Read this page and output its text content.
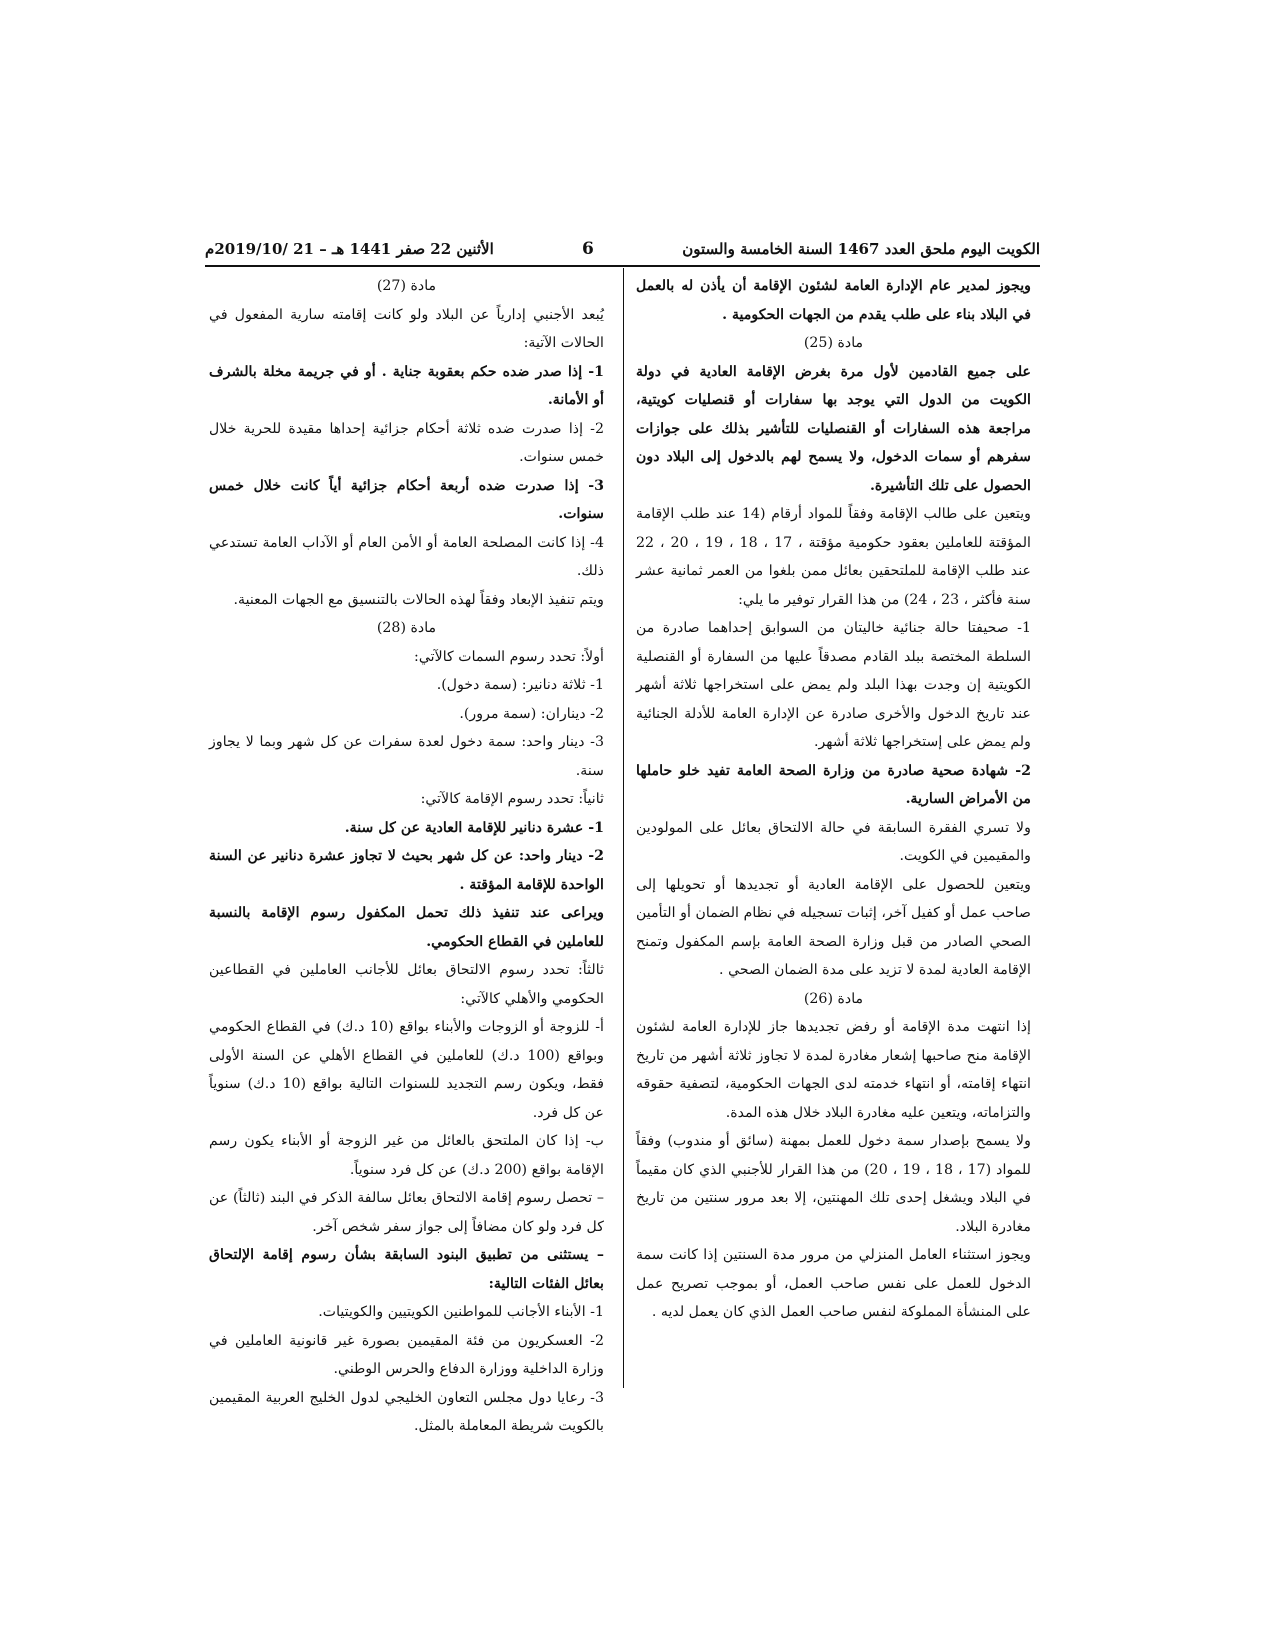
الكويت اليوم ملحق العدد 1467 السنة الخامسة والستون
6
الأثنين 22 صفر 1441 هـ – 21 /2019/10م

ويجوز لمدير عام الإدارة العامة لشئون الإقامة أن يأذن له بالعمل في البلاد بناء على طلب يقدم من الجهات الحكومية .

مادة (25)

على جميع القادمين لأول مرة بغرض الإقامة العادية في دولة الكويت من الدول التي يوجد بها سفارات أو قنصليات كويتية، مراجعة هذه السفارات أو القنصليات للتأشير بذلك على جوازات سفرهم أو سمات الدخول، ولا يسمح لهم بالدخول إلى البلاد دون الحصول على تلك التأشيرة.

ويتعين على طالب الإقامة وفقاً للمواد أرقام (14 عند طلب الإقامة المؤقتة للعاملين بعقود حكومية مؤقتة ، 17 ، 18 ، 19 ، 20 ، 22 عند طلب الإقامة للملتحقين بعائل ممن بلغوا من العمر ثمانية عشر سنة فأكثر ، 23 ، 24) من هذا القرار توفير ما يلي:

1- صحيفتا حالة جنائية خاليتان من السوابق إحداهما صادرة من السلطة المختصة ببلد القادم مصدقاً عليها من السفارة أو القنصلية الكويتية إن وجدت بهذا البلد ولم يمض على استخراجها ثلاثة أشهر عند تاريخ الدخول والأخرى صادرة عن الإدارة العامة للأدلة الجنائية ولم يمض على إستخراجها ثلاثة أشهر.

2- شهادة صحية صادرة من وزارة الصحة العامة تفيد خلو حاملها من الأمراض السارية.

ولا تسري الفقرة السابقة في حالة الالتحاق بعائل على المولودين والمقيمين في الكويت.

ويتعين للحصول على الإقامة العادية أو تجديدها أو تحويلها إلى صاحب عمل أو كفيل آخر، إثبات تسجيله في نظام الضمان أو التأمين الصحي الصادر من قبل وزارة الصحة العامة بإسم المكفول وتمنح الإقامة العادية لمدة لا تزيد على مدة الضمان الصحي .

مادة (26)

إذا انتهت مدة الإقامة أو رفض تجديدها جاز للإدارة العامة لشئون الإقامة منح صاحبها إشعار مغادرة لمدة لا تجاوز ثلاثة أشهر من تاريخ انتهاء إقامته، أو انتهاء خدمته لدى الجهات الحكومية، لتصفية حقوقه والتزاماته، ويتعين عليه مغادرة البلاد خلال هذه المدة.

ولا يسمح بإصدار سمة دخول للعمل بمهنة (سائق أو مندوب) وفقاً للمواد (17 ، 18 ، 19 ، 20) من هذا القرار للأجنبي الذي كان مقيماً في البلاد ويشغل إحدى تلك المهنتين، إلا بعد مرور سنتين من تاريخ مغادرة البلاد.

ويجوز استثناء العامل المنزلي من مرور مدة السنتين إذا كانت سمة الدخول للعمل على نفس صاحب العمل، أو بموجب تصريح عمل على المنشأة المملوكة لنفس صاحب العمل الذي كان يعمل لديه .

مادة (27)

يُبعد الأجنبي إدارياً عن البلاد ولو كانت إقامته سارية المفعول في الحالات الآتية:

1- إذا صدر ضده حكم بعقوبة جناية . أو في جريمة مخلة بالشرف أو الأمانة.

2- إذا صدرت ضده ثلاثة أحكام جزائية إحداها مقيدة للحرية خلال خمس سنوات.

3- إذا صدرت ضده أربعة أحكام جزائية أياً كانت خلال خمس سنوات.

4- إذا كانت المصلحة العامة أو الأمن العام أو الآداب العامة تستدعي ذلك.

ويتم تنفيذ الإبعاد وفقاً لهذه الحالات بالتنسيق مع الجهات المعنية.

مادة (28)

أولاً: تحدد رسوم السمات كالآتي:

1- ثلاثة دنانير: (سمة دخول).

2- ديناران: (سمة مرور).

3- دينار واحد: سمة دخول لعدة سفرات عن كل شهر وبما لا يجاوز سنة.

ثانياً: تحدد رسوم الإقامة كالآتي:

1- عشرة دنانير للإقامة العادية عن كل سنة.

2- دينار واحد: عن كل شهر بحيث لا تجاوز عشرة دنانير عن السنة الواحدة للإقامة المؤقتة .

ويراعى عند تنفيذ ذلك تحمل المكفول رسوم الإقامة بالنسبة للعاملين في القطاع الحكومي.

ثالثاً: تحدد رسوم الالتحاق بعائل للأجانب العاملين في القطاعين الحكومي والأهلي كالآتي:

أ- للزوجة أو الزوجات والأبناء بواقع (10 د.ك) في القطاع الحكومي وبواقع (100 د.ك) للعاملين في القطاع الأهلي عن السنة الأولى فقط، ويكون رسم التجديد للسنوات التالية بواقع (10 د.ك) سنوياً عن كل فرد.

ب- إذا كان الملتحق بالعائل من غير الزوجة أو الأبناء يكون رسم الإقامة بواقع (200 د.ك) عن كل فرد سنوياً.

– تحصل رسوم إقامة الالتحاق بعائل سالفة الذكر في البند (ثالثاً) عن كل فرد ولو كان مضافاً إلى جواز سفر شخص آخر.

– يستثنى من تطبيق البنود السابقة بشأن رسوم إقامة الإلتحاق بعائل الفئات التالية:

1- الأبناء الأجانب للمواطنين الكويتيين والكويتيات.

2- العسكريون من فئة المقيمين بصورة غير قانونية العاملين في وزارة الداخلية ووزارة الدفاع والحرس الوطني.

3- رعايا دول مجلس التعاون الخليجي لدول الخليج العربية المقيمين بالكويت شريطة المعاملة بالمثل.
